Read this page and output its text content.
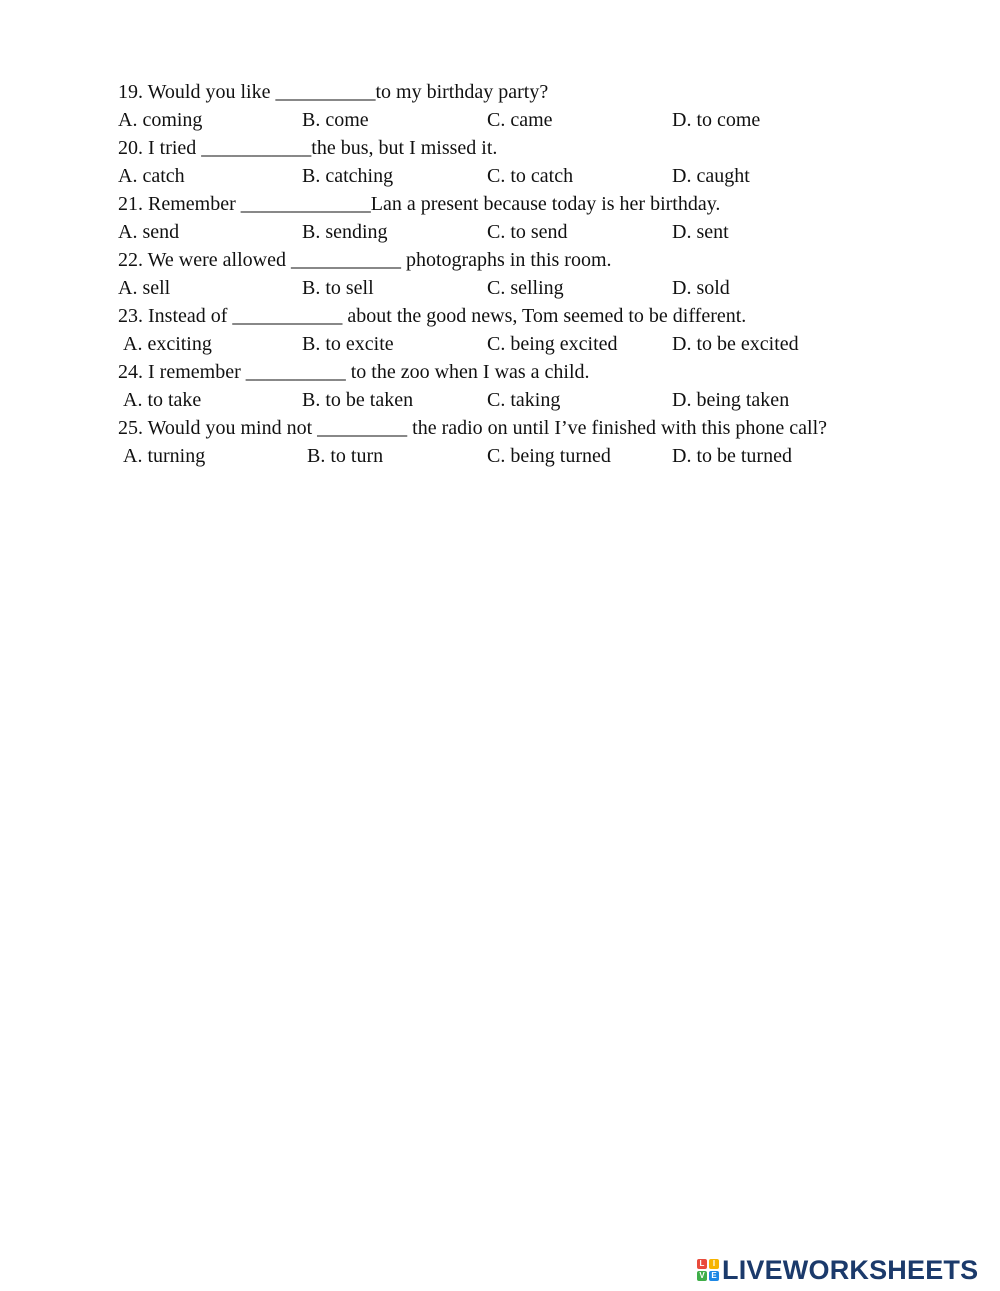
19. Would you like __________to my birthday party?
A. coming	B. come	C. came	D. to come
20. I tried ___________the bus, but I missed it.
A. catch	B. catching	C. to catch	D. caught
21. Remember _____________Lan a present because today is her birthday.
A. send	B. sending	C. to send	D. sent
22. We were allowed ___________ photographs in this room.
A. sell	B. to sell	C. selling	D. sold
23. Instead of ___________ about the good news, Tom seemed to be different.
A. exciting	B. to excite	C. being excited	D. to be excited
24. I remember __________ to the zoo when I was a child.
A. to take	B. to be taken	C. taking	D. being taken
25. Would you mind not _________ the radio on until I’ve finished with this phone call?
A. turning	B. to turn	C. being turned	D. to be turned
L	I
V E LIVEWORKSHEETS
